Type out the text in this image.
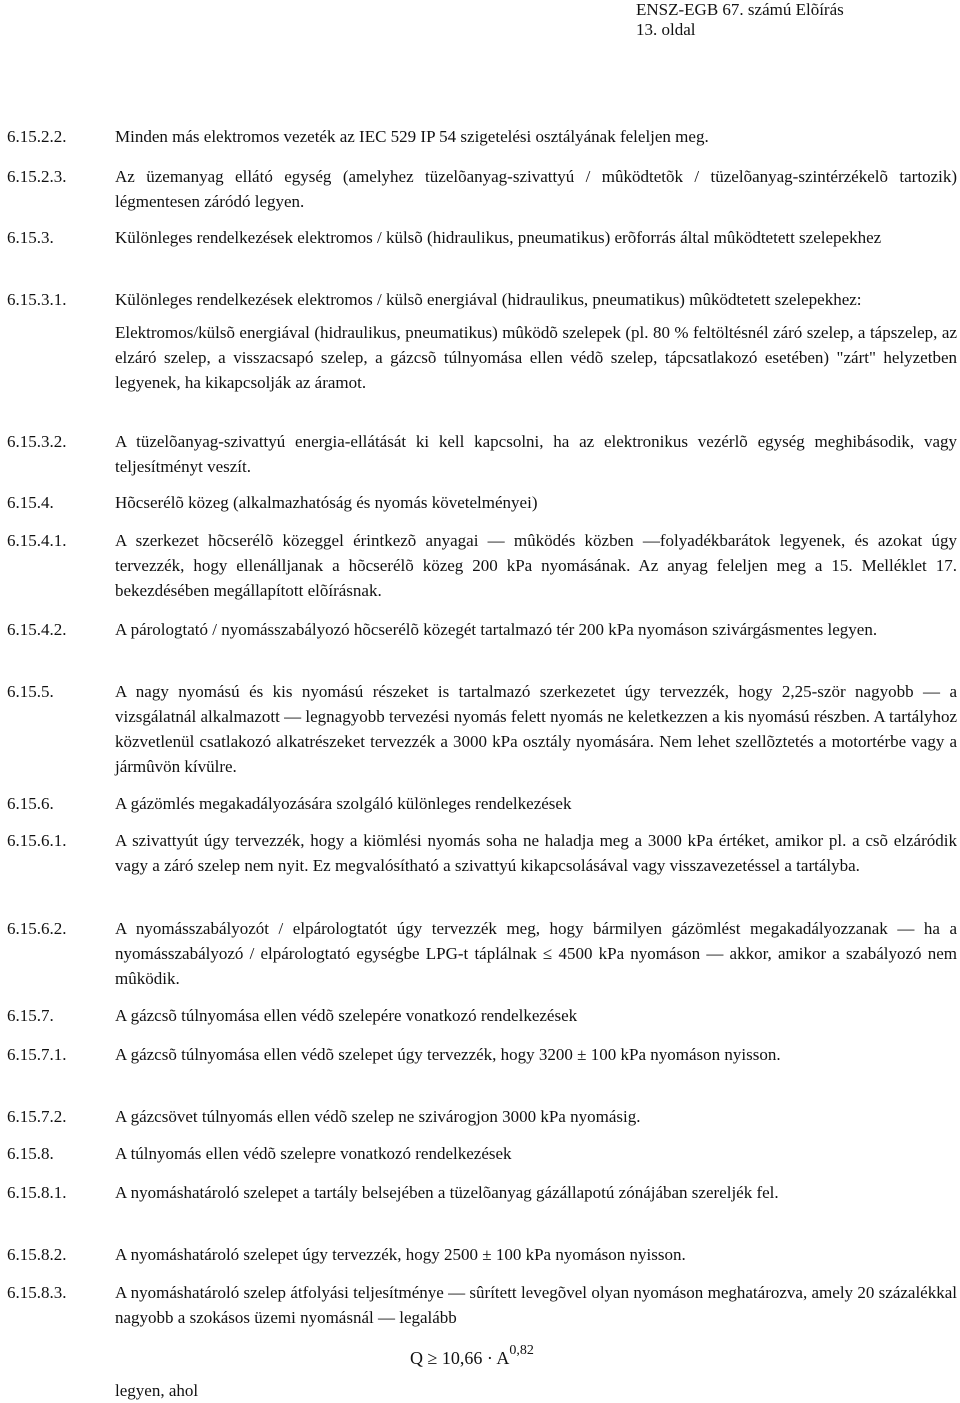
ENSZ-EGB 67. számú Elõírás
13. oldal
6.15.2.2.	Minden más elektromos vezeték az IEC 529 IP 54 szigetelési osztályának feleljen meg.
6.15.2.3.	Az üzemanyag ellátó egység (amelyhez tüzelõanyag-szivattyú / mûködtetõk / tüzelõanyag-szintérzékelõ tartozik) légmentesen záródó legyen.
6.15.3.	Különleges rendelkezések elektromos / külsõ (hidraulikus, pneumatikus) erõforrás által mûködtetett szelepekhez
6.15.3.1.	Különleges rendelkezések elektromos / külsõ energiával (hidraulikus, pneumatikus) mûködtetett szelepekhez:
Elektromos/külsõ energiával (hidraulikus, pneumatikus) mûködõ szelepek (pl. 80 % feltöltésnél záró szelep, a tápszelep, az elzáró szelep, a visszacsapó szelep, a gázcsõ túlnyomása ellen védõ szelep, tápcsatlakozó esetében) "zárt" helyzetben legyenek, ha kikapcsolják az áramot.
6.15.3.2.	A tüzelõanyag-szivattyú energia-ellátását ki kell kapcsolni, ha az elektronikus vezérlõ egység meghibásodik, vagy teljesítményt veszít.
6.15.4.	Hõcserélõ közeg (alkalmazhatóság és nyomás követelményei)
6.15.4.1.	A szerkezet hõcserélõ közeggel érintkezõ anyagai — mûködés közben —folyadékbarátok legyenek, és azokat úgy tervezzék, hogy ellenálljanak a hõcserélõ közeg 200 kPa nyomásának. Az anyag feleljen meg a 15. Melléklet 17. bekezdésében megállapított elõírásnak.
6.15.4.2.	A párologtató / nyomásszabályozó hõcserélõ közegét tartalmazó tér 200 kPa nyomáson szivárgásmentes legyen.
6.15.5.	A nagy nyomású és kis nyomású részeket is tartalmazó szerkezetet úgy tervezzék, hogy 2,25-ször nagyobb — a vizsgálatnál alkalmazott — legnagyobb tervezési nyomás felett nyomás ne keletkezzen a kis nyomású részben. A tartályhoz közvetlenül csatlakozó alkatrészeket tervezzék a 3000 kPa osztály nyomására. Nem lehet szellõztetés a motortérbe vagy a jármûvön kívülre.
6.15.6.	A gázömlés megakadályozására szolgáló különleges rendelkezések
6.15.6.1.	A szivattyút úgy tervezzék, hogy a kiömlési nyomás soha ne haladja meg a 3000 kPa értéket, amikor pl. a csõ elzáródik vagy a záró szelep nem nyit. Ez megvalósítható a szivattyú kikapcsolásával vagy visszavezetéssel a tartályba.
6.15.6.2.	A nyomásszabályozót / elpárologtatót úgy tervezzék meg, hogy bármilyen gázömlést megakadályozzanak — ha a nyomásszabályozó / elpárologtató egységbe LPG-t táplálnak ≤ 4500 kPa nyomáson — akkor, amikor a szabályozó nem mûködik.
6.15.7.	A gázcsõ túlnyomása ellen védõ szelepére vonatkozó rendelkezések
6.15.7.1.	A gázcsõ túlnyomása ellen védõ szelepet úgy tervezzék, hogy 3200 ± 100 kPa nyomáson nyisson.
6.15.7.2.	A gázcsövet túlnyomás ellen védõ szelep ne szivárogjon 3000 kPa nyomásig.
6.15.8.	A túlnyomás ellen védõ szelepre vonatkozó rendelkezések
6.15.8.1.	A nyomáshatároló szelepet a tartály belsejében a tüzelõanyag gázállapotú zónájában szereljék fel.
6.15.8.2.	A nyomáshatároló szelepet úgy tervezzék, hogy 2500 ± 100 kPa nyomáson nyisson.
6.15.8.3.	A nyomáshatároló szelep átfolyási teljesítménye — sûrített levegõvel olyan nyomáson meghatározva, amely 20 százalékkal nagyobb a szokásos üzemi nyomásnál — legalább
Q ≥ 10,66 · A$^{0,82}$
legyen, ahol
